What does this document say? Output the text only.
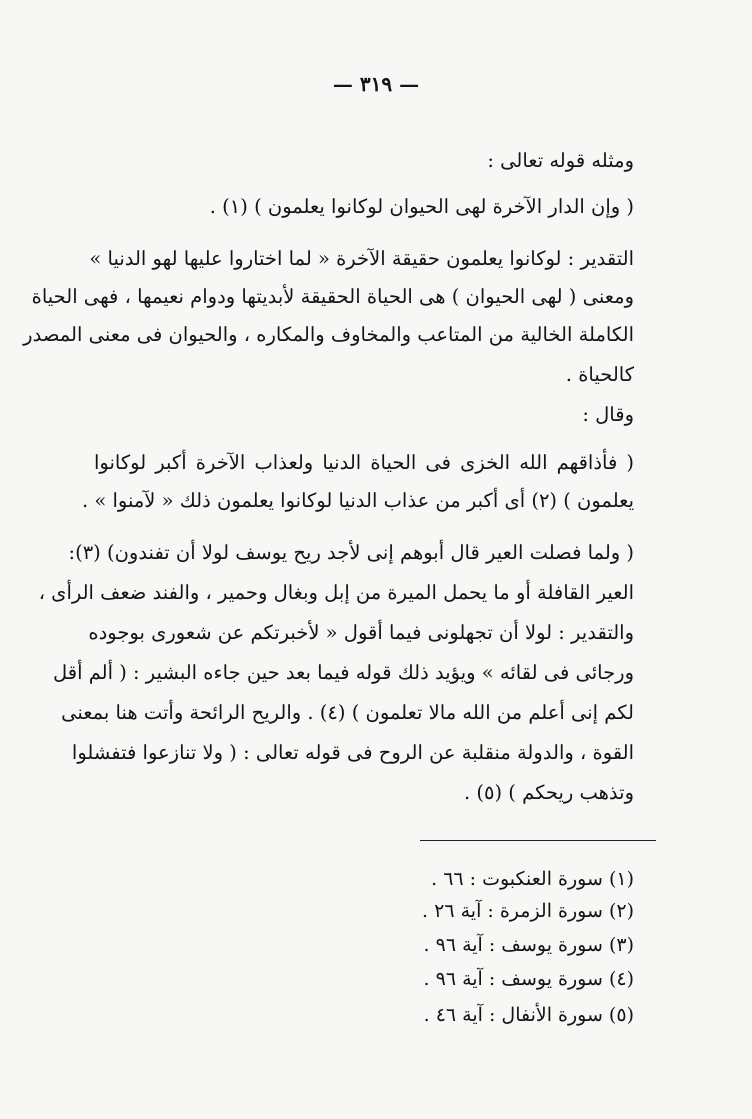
— ٣١٩ —
ومثله قوله تعالى :
( وإن الدار الآخرة لهى الحيوان لوكانوا يعلمون ) (١) .
التقدير : لوكانوا يعلمون حقيقة الآخرة « لما اختاروا عليها لهو الدنيا »
ومعنى ( لهى الحيوان ) هى الحياة الحقيقة لأبديتها ودوام نعيمها ، فهى الحياة
الكاملة الخالية من المتاعب والمخاوف والمكاره ، والحيوان فى معنى المصدر
كالحياة .
وقال :
( فأذاقهم الله الخزى فى الحياة الدنيا ولعذاب الآخرة أكبر لوكانوا
يعلمون ) (٢) أى أكبر من عذاب الدنيا لوكانوا يعلمون ذلك « لآمنوا » .
( ولما فصلت العير قال أبوهم إنى لأجد ريح يوسف لولا أن تفندون) (٣):
العير القافلة أو ما يحمل الميرة من إبل وبغال وحمير ، والفند ضعف الرأى ،
والتقدير : لولا أن تجهلونى فيما أقول « لأخبرتكم عن شعورى بوجوده
ورجائى فى لقائه » ويؤيد ذلك قوله فيما بعد حين جاءه البشير : ( ألم أقل
لكم إنى أعلم من الله مالا تعلمون ) (٤) . والريح الرائحة وأتت هنا بمعنى
القوة ، والدولة منقلبة عن الروح فى قوله تعالى : ( ولا تنازعوا فتفشلوا
وتذهب ريحكم ) (٥) .
(١) سورة العنكبوت : ٦٦ .
(٢) سورة الزمرة : آية ٢٦ .
(٣) سورة يوسف : آية ٩٦ .
(٤) سورة يوسف : آية ٩٦ .
(٥) سورة الأنفال : آية ٤٦ .
